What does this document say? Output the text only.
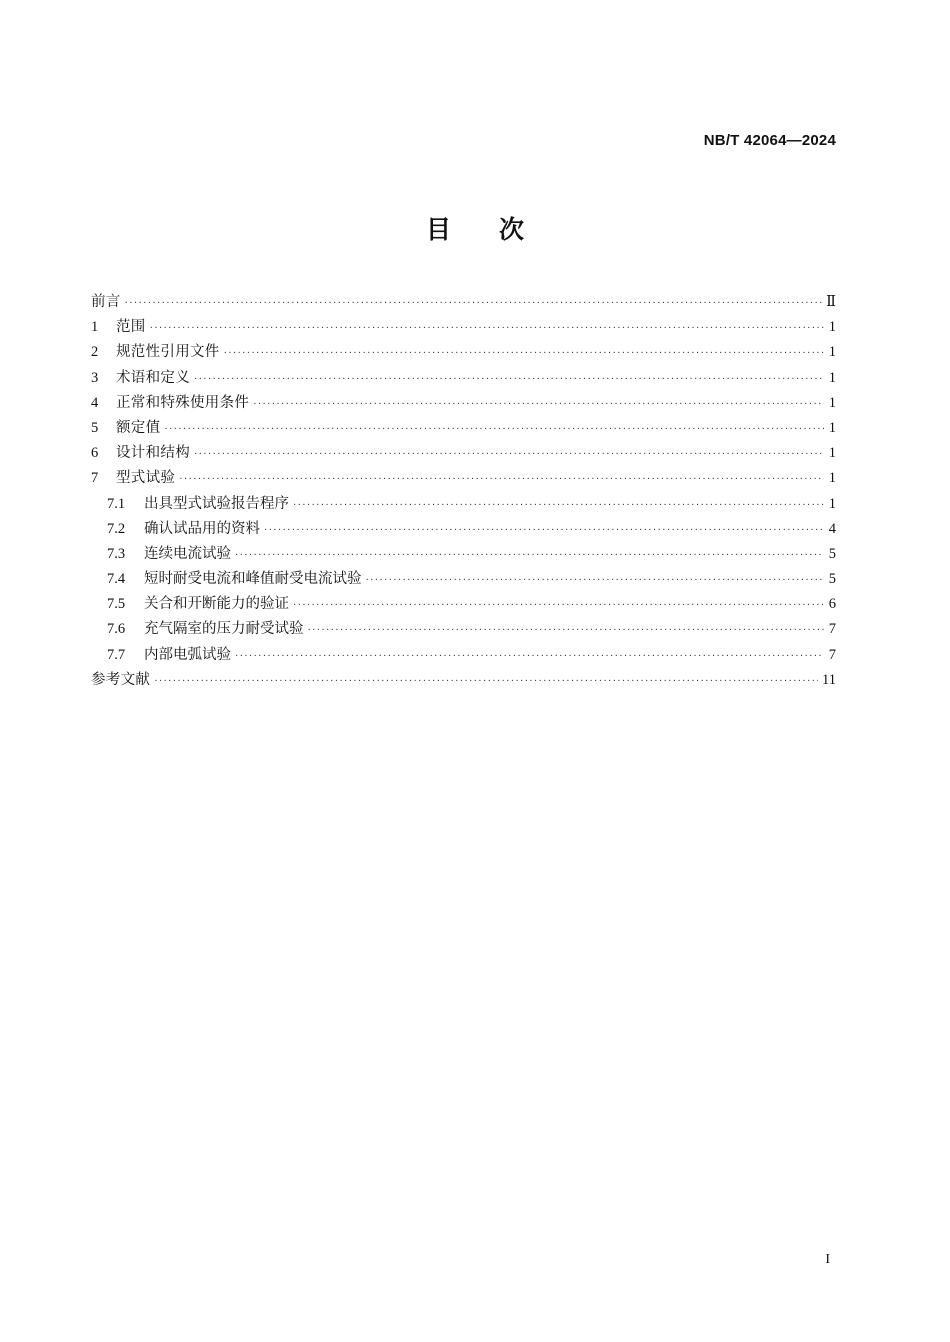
NB/T 42064—2024
目次
前言 ·····	Ⅱ
1	范围 ·····	1
2	规范性引用文件 ·····	1
3	术语和定义 ·····	1
4	正常和特殊使用条件 ·····	1
5	额定值 ·····	1
6	设计和结构 ·····	1
7	型式试验 ·····	1
7.1	出具型式试验报告程序 ·····	1
7.2	确认试品用的资料 ·····	4
7.3	连续电流试验 ·····	5
7.4	短时耐受电流和峰值耐受电流试验 ·····	5
7.5	关合和开断能力的验证 ·····	6
7.6	充气隔室的压力耐受试验 ·····	7
7.7	内部电弧试验 ·····	7
参考文献 ·····	11
I
